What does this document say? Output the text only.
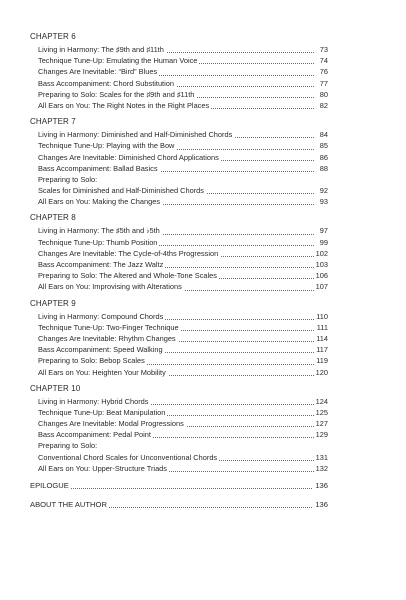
CHAPTER 6
Living in Harmony: The ♯9th and ♯11th	73
Technique Tune-Up: Emulating the Human Voice	74
Changes Are Inevitable: “Bird” Blues	76
Bass Accompaniment: Chord Substitution	77
Preparing to Solo: Scales for the ♯9th and ♯11th	80
All Ears on You: The Right Notes in the Right Places	82
CHAPTER 7
Living in Harmony: Diminished and Half-Diminished Chords	84
Technique Tune-Up: Playing with the Bow	85
Changes Are Inevitable: Diminished Chord Applications	86
Bass Accompaniment: Ballad Basics	88
Preparing to Solo:
Scales for Diminished and Half-Diminished Chords	92
All Ears on You: Making the Changes	93
CHAPTER 8
Living in Harmony: The ♯5th and ♭5th	97
Technique Tune-Up: Thumb Position	99
Changes Are Inevitable: The Cycle-of-4ths Progression	102
Bass Accompaniment: The Jazz Waltz	103
Preparing to Solo: The Altered and Whole-Tone Scales	106
All Ears on You: Improvising with Alterations	107
CHAPTER 9
Living in Harmony: Compound Chords	110
Technique Tune-Up: Two-Finger Technique	111
Changes Are Inevitable: Rhythm Changes	114
Bass Accompaniment: Speed Walking	117
Preparing to Solo: Bebop Scales	119
All Ears on You: Heighten Your Mobility	120
CHAPTER 10
Living in Harmony: Hybrid Chords	124
Technique Tune-Up: Beat Manipulation	125
Changes Are Inevitable: Modal Progressions	127
Bass Accompaniment: Pedal Point	129
Preparing to Solo:
Conventional Chord Scales for Unconventional Chords	131
All Ears on You: Upper-Structure Triads	132
EPILOGUE	136
ABOUT THE AUTHOR	136
